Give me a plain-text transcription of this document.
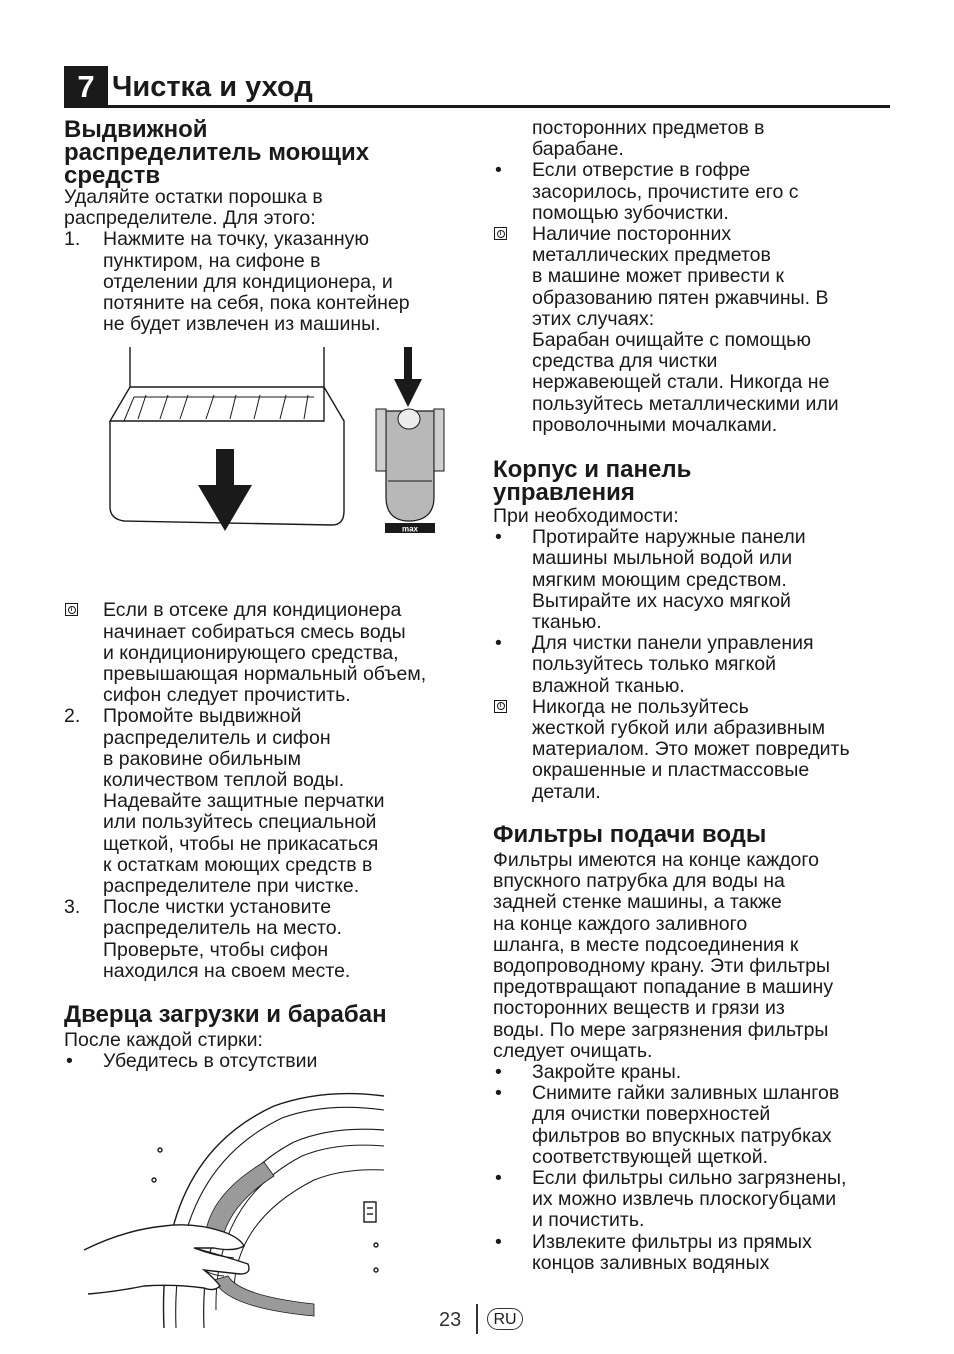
7 Чистка и уход
Выдвижной
распределитель моющих
средств

Удаляйте остатки порошка в
распределителе. Для этого:

1. Нажмите на точку, указанную
пунктиром, на сифоне в
отделении для кондиционера, и
потяните на себя, пока контейнер
не будет извлечен из машины.
max
i Если в отсеке для кондиционера
начинает собираться смесь воды
и кондиционирующего средства,
превышающая нормальный объем,
сифон следует прочистить.
2. Промойте выдвижной
распределитель и сифон
в раковине обильным
количеством теплой воды.
Надевайте защитные перчатки
или пользуйтесь специальной
щеткой, чтобы не прикасаться
к остаткам моющих средств в
распределителе при чистке.
3. После чистки установите
распределитель на место.
Проверьте, чтобы сифон
находился на своем месте.
Дверца загрузки и барабан

После каждой стирки:

• Убедитесь в отсутствии
посторонних предметов в
барабане.
• Если отверстие в гофре
засорилось, прочистите его с
помощью зубочистки.
i Наличие посторонних
металлических предметов
в машине может привести к
образованию пятен ржавчины. В
этих случаях:
Барабан очищайте с помощью
средства для чистки
нержавеющей стали. Никогда не
пользуйтесь металлическими или
проволочными мочалками.
Корпус и панель
управления

При необходимости:

• Протирайте наружные панели
машины мыльной водой или
мягким моющим средством.
Вытирайте их насухо мягкой
тканью.
• Для чистки панели управления
пользуйтесь только мягкой
влажной тканью.
i Никогда не пользуйтесь
жесткой губкой или абразивным
материалом. Это может повредить
окрашенные и пластмассовые
детали.
Фильтры подачи воды

Фильтры имеются на конце каждого
впускного патрубка для воды на
задней стенке машины, а также
на конце каждого заливного
шланга, в месте подсоединения к
водопроводному крану. Эти фильтры
предотвращают попадание в машину
посторонних веществ и грязи из
воды. По мере загрязнения фильтры
следует очищать.

• Закройте краны.
• Снимите гайки заливных шлангов
для очистки поверхностей
фильтров во впускных патрубках
соответствующей щеткой.
• Если фильтры сильно загрязнены,
их можно извлечь плоскогубцами
и почистить.
• Извлеките фильтры из прямых
концов заливных водяных
23	RU
